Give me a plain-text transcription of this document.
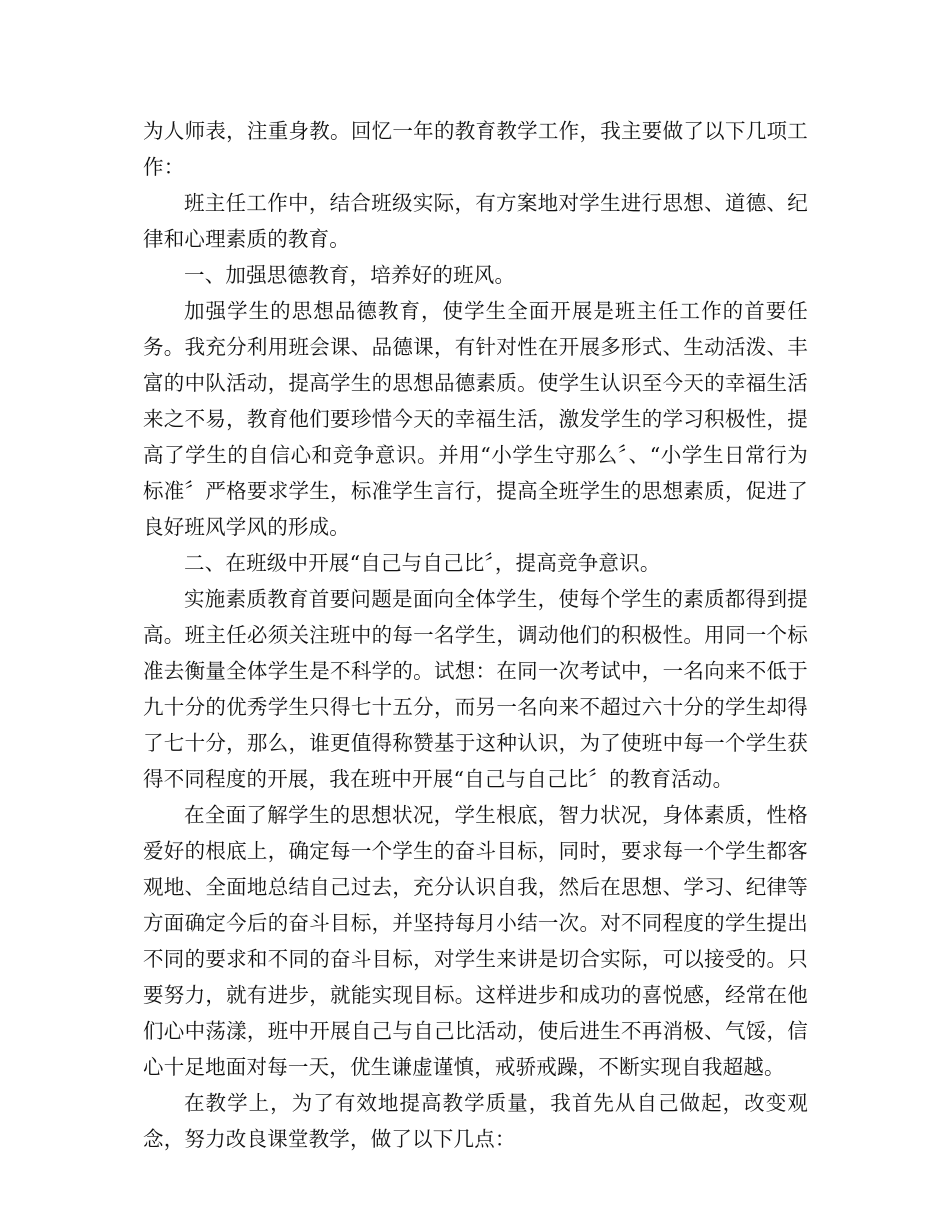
为人师表，注重身教。回忆一年的教育教学工作，我主要做了以下几项工作：

班主任工作中，结合班级实际，有方案地对学生进行思想、道德、纪律和心理素质的教育。

一、加强思德教育，培养好的班风。

加强学生的思想品德教育，使学生全面开展是班主任工作的首要任务。我充分利用班会课、品德课，有针对性在开展多形式、生动活泼、丰富的中队活动，提高学生的思想品德素质。使学生认识至今天的幸福生活来之不易，教育他们要珍惜今天的幸福生活，激发学生的学习积极性，提高了学生的自信心和竞争意识。并用“小学生守那么〞、“小学生日常行为标准〞严格要求学生，标准学生言行，提高全班学生的思想素质，促进了良好班风学风的形成。

二、在班级中开展“自己与自己比〞，提高竞争意识。

实施素质教育首要问题是面向全体学生，使每个学生的素质都得到提高。班主任必须关注班中的每一名学生，调动他们的积极性。用同一个标准去衡量全体学生是不科学的。试想：在同一次考试中，一名向来不低于九十分的优秀学生只得七十五分，而另一名向来不超过六十分的学生却得了七十分，那么，谁更值得称赞基于这种认识，为了使班中每一个学生获得不同程度的开展，我在班中开展“自己与自己比〞的教育活动。

在全面了解学生的思想状况，学生根底，智力状况，身体素质，性格爱好的根底上，确定每一个学生的奋斗目标，同时，要求每一个学生都客观地、全面地总结自己过去，充分认识自我，然后在思想、学习、纪律等方面确定今后的奋斗目标，并坚持每月小结一次。对不同程度的学生提出不同的要求和不同的奋斗目标，对学生来讲是切合实际，可以接受的。只要努力，就有进步，就能实现目标。这样进步和成功的喜悦感，经常在他们心中荡漾，班中开展自己与自己比活动，使后进生不再消极、气馁，信心十足地面对每一天，优生谦虚谨慎，戒骄戒躁，不断实现自我超越。

在教学上，为了有效地提高教学质量，我首先从自己做起，改变观念，努力改良课堂教学，做了以下几点：
